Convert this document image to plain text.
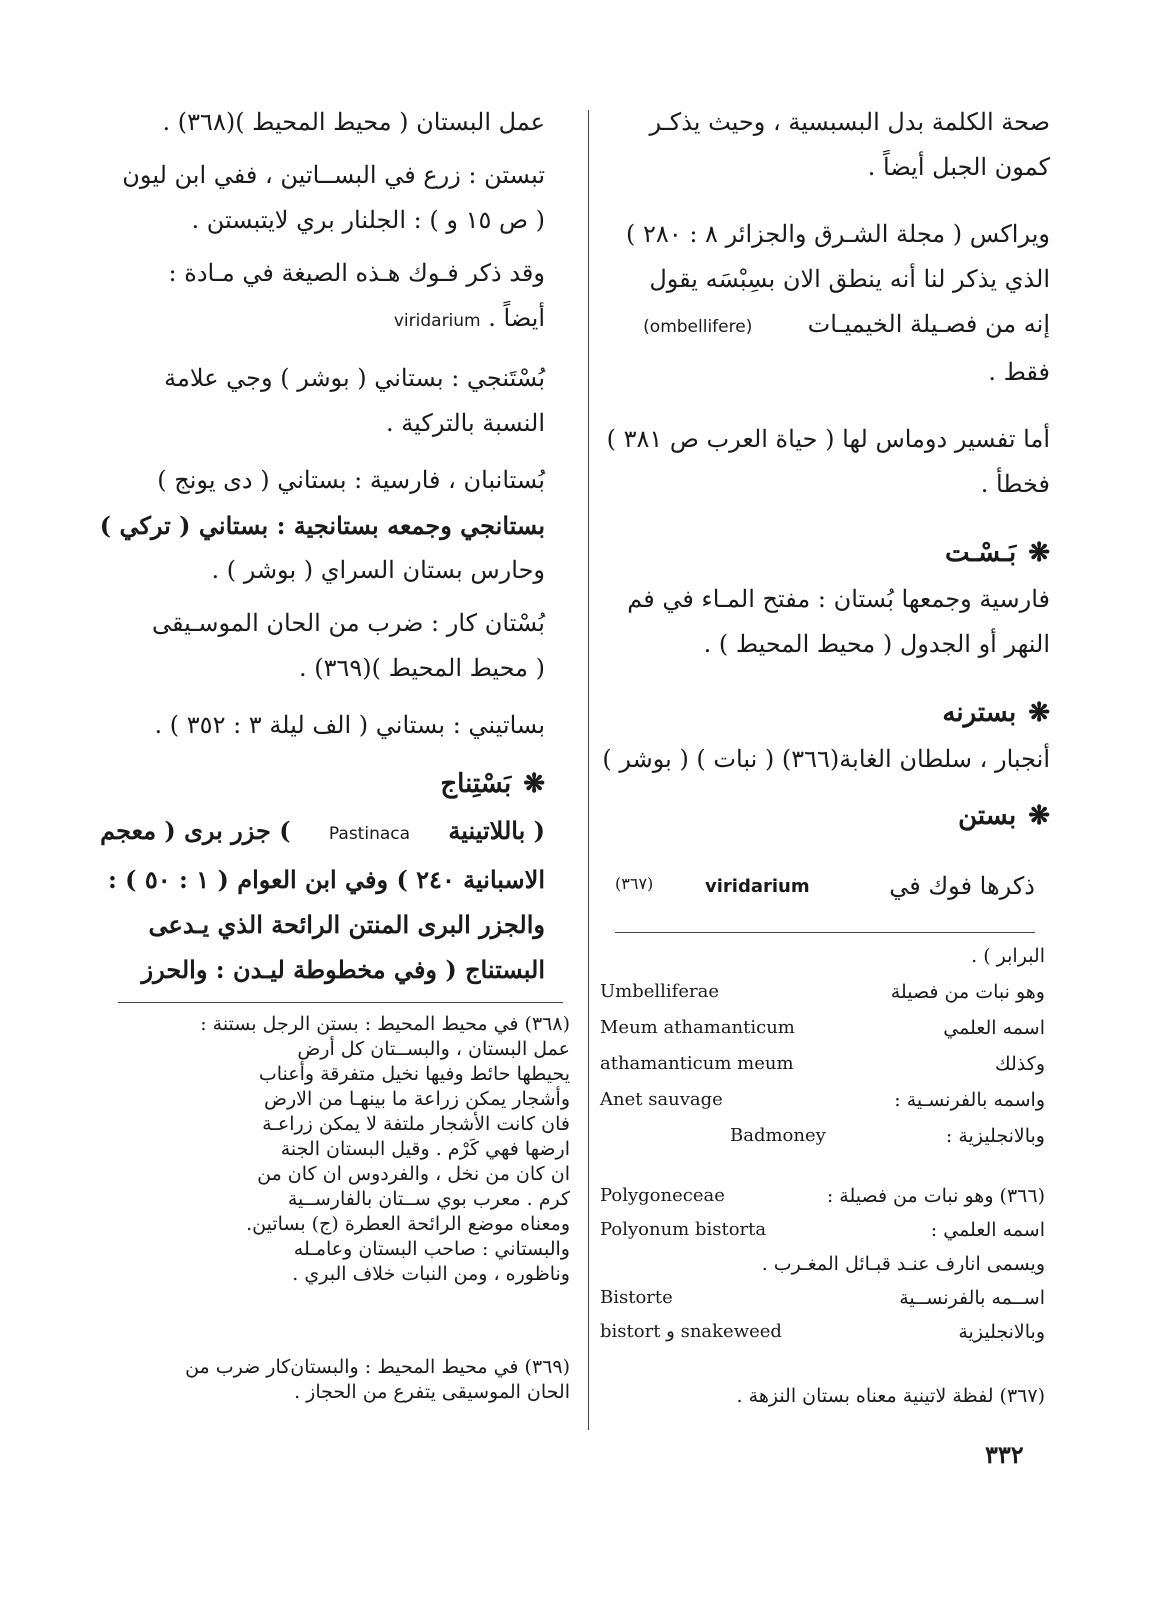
صحة الكلمة بدل البسبسية ، وحيث يذكـر
كمون الجبل أيضاً .
ويراكس ( مجلة الشـرق والجزائر ٨ : ٢٨٠ )
الذي يذكر لنا أنه ينطق الان بسِبْسَه يقول
إنه من فصـيلة الخيميـات  (ombellifere)
فقط .
أما تفسير دوماس لها ( حياة العرب ص ٣٨١ )
فخطأ .
❋بَـسْـت
فارسية وجمعها بُستان : مفتح المـاء في فم
النهر أو الجدول ( محيط المحيط ) .
❋بسترنه
أنجبار ، سلطان الغابة(٣٦٦) ( نبات ) ( بوشر )
❋بستن
ذكرها فوك في
viridarium
(٣٦٧)
عمل البستان ( محيط المحيط )(٣٦٨) .
تبستن : زرع في البســاتين ، ففي ابن ليون
( ص ١٥ و ) : الجلنار بري لايتبستن .
وقد ذكر فـوك هـذه الصيغة في مـادة :
أيضاً . viridarium
بُسْتَنجي : بستاني ( بوشر ) وجي علامة
النسبة بالتركية .
بُستانبان ، فارسية : بستاني ( دى يونج )
بستانجي وجمعه بستانجية : بستاني ( تركي )
وحارس بستان السراي ( بوشر ) .
بُسْتان كار : ضرب من الحان الموسـيقى
( محيط المحيط )(٣٦٩) .
بساتيني : بستاني ( الف ليلة ٣ : ٣٥٢ ) .
❋بَسْتِناج
( باللاتينية Pastinaca ) جزر برى ( معجم
الاسبانية ٢٤٠ ) وفي ابن العوام ( ١ : ٥٠ ) :
والجزر البرى المنتن الرائحة الذي يـدعى
البستناج ( وفي مخطوطة ليـدن : والحرز
(٣٦٨) في محيط المحيط : بستن الرجل بستنة :
عمل البستان ، والبســتان كل أرض
يحيطها حائط وفيها نخيل متفرقة وأعناب
وأشجار يمكن زراعة ما بينهـا من الارض
فان كانت الأشجار ملتفة لا يمكن زراعـة
ارضها فهي كَرْم . وقيل البستان الجنة
ان كان من نخل ، والفردوس ان كان من
كرم . معرب بوي ســتان بالفارســية
ومعناه موضع الرائحة العطرة (ج) بساتين.
والبستاني : صاحب البستان وعامـله
وناظوره ، ومن النبات خلاف البري .
(٣٦٩) في محيط المحيط : والبستان‌كار ضرب من
الحان الموسيقى يتفرع من الحجاز .
البرابر ) .
وهو نبات من فصيلة
Umbelliferae
اسمه العلمي
Meum athamanticum
وكذلك
athamanticum meum
واسمه بالفرنسـية :
Anet sauvage
وبالانجليزية :
Badmoney
(٣٦٦) وهو نبات من فصيلة :
Polygoneceae
اسمه العلمي :
Polyonum bistorta
ويسمى انارف عنـد قبـائل المغـرب .
اســمه بالفرنســية
Bistorte
وبالانجليزية
bistort و snakeweed
(٣٦٧) لفظة لاتينية معناه بستان النزهة .
٣٣٢
